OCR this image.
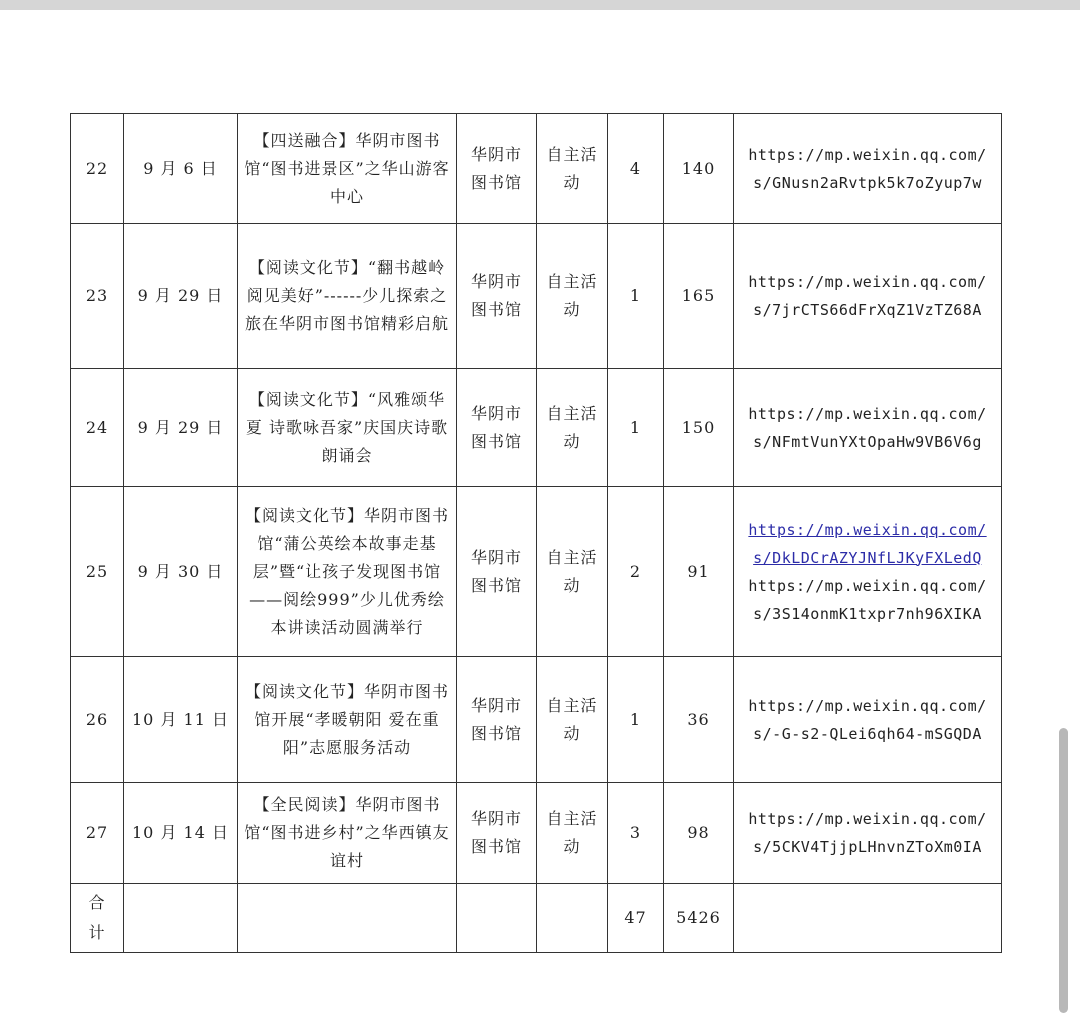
22	9 月 6 日	【四送融合】华阴市图书馆“图书进景区”之华山游客中心	华阴市图书馆	自主活动	4	140	https://mp.weixin.qq.com/
s/GNusn2aRvtpk5k7oZyup7w

23	9 月 29 日	【阅读文化节】“翻书越岭 阅见美好”------少儿探索之旅在华阴市图书馆精彩启航	华阴市图书馆	自主活动	1	165	https://mp.weixin.qq.com/
s/7jrCTS66dFrXqZ1VzTZ68A

24	9 月 29 日	【阅读文化节】“风雅颂华夏 诗歌咏吾家”庆国庆诗歌朗诵会	华阴市图书馆	自主活动	1	150	https://mp.weixin.qq.com/
s/NFmtVunYXtOpaHw9VB6V6g

25	9 月 30 日	【阅读文化节】华阴市图书馆“蒲公英绘本故事走基层”暨“让孩子发现图书馆——阅绘999”少儿优秀绘本讲读活动圆满举行	华阴市图书馆	自主活动	2	91	https://mp.weixin.qq.com/
s/DkLDCrAZYJNfLJKyFXLedQ
https://mp.weixin.qq.com/
s/3S14onmK1txpr7nh96XIKA

26	10 月 11 日	【阅读文化节】华阴市图书馆开展“孝暖朝阳 爱在重阳”志愿服务活动	华阴市图书馆	自主活动	1	36	https://mp.weixin.qq.com/
s/-G-s2-QLei6qh64-mSGQDA

27	10 月 14 日	【全民阅读】华阴市图书馆“图书进乡村”之华西镇友谊村	华阴市图书馆	自主活动	3	98	https://mp.weixin.qq.com/
s/5CKV4TjjpLHnvnZToXm0IA

合计					47	5426	
